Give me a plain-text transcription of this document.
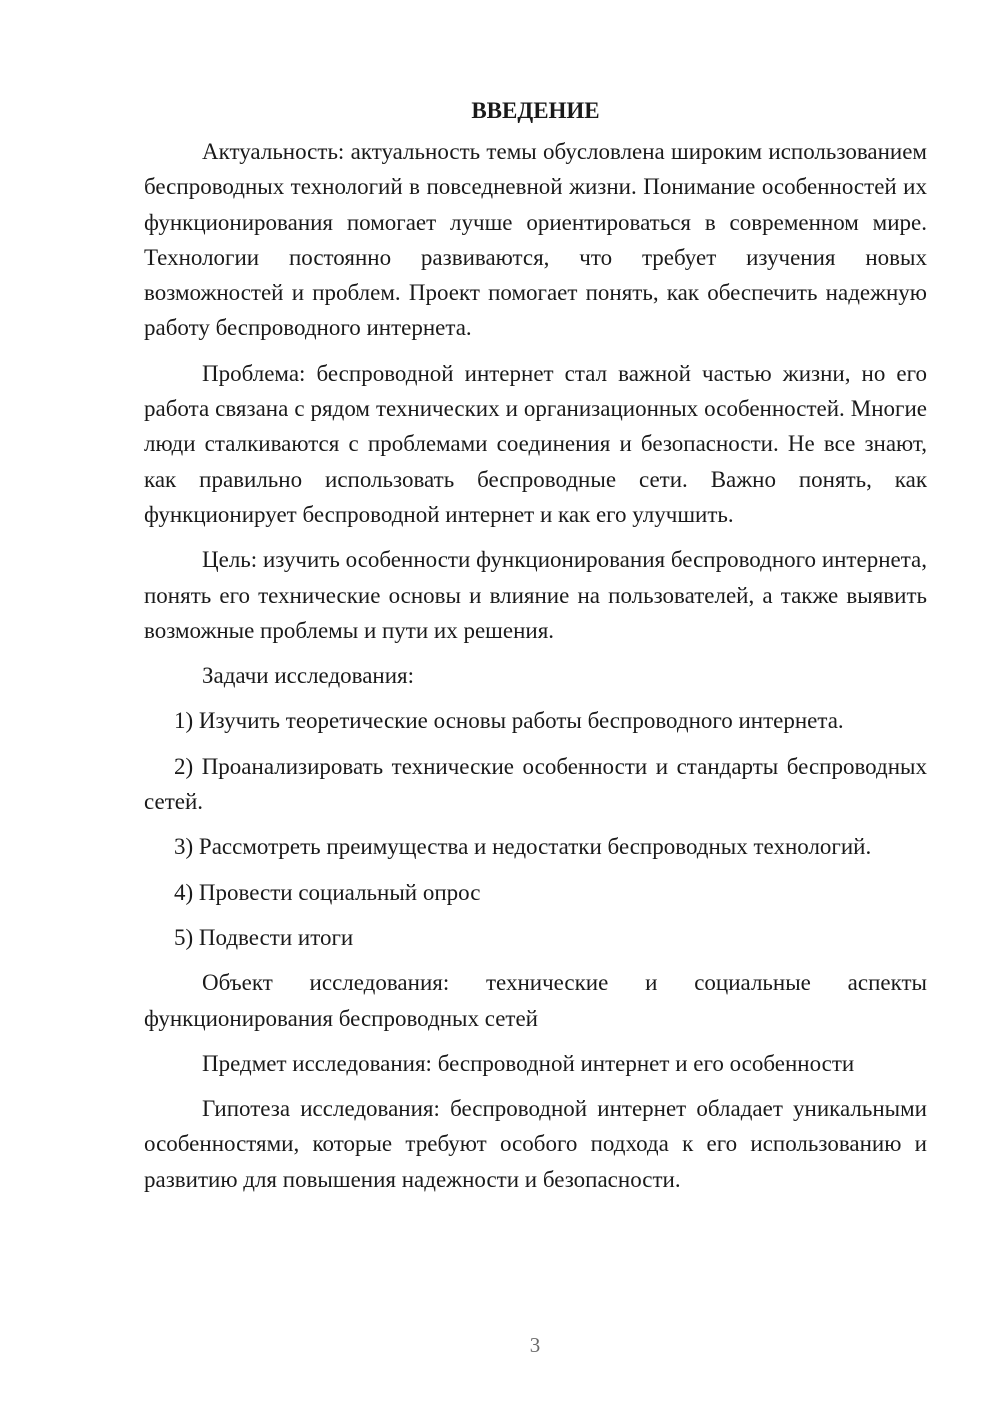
ВВЕДЕНИЕ
Актуальность: актуальность темы обусловлена широким использованием беспроводных технологий в повседневной жизни. Понимание особенностей их функционирования помогает лучше ориентироваться в современном мире. Технологии постоянно развиваются, что требует изучения новых возможностей и проблем. Проект помогает понять, как обеспечить надежную работу беспроводного интернета.
Проблема: беспроводной интернет стал важной частью жизни, но его работа связана с рядом технических и организационных особенностей. Многие люди сталкиваются с проблемами соединения и безопасности. Не все знают, как правильно использовать беспроводные сети. Важно понять, как функционирует беспроводной интернет и как его улучшить.
Цель: изучить особенности функционирования беспроводного интернета, понять его технические основы и влияние на пользователей, а также выявить возможные проблемы и пути их решения.
Задачи исследования:
1) Изучить теоретические основы работы беспроводного интернета.
2) Проанализировать технические особенности и стандарты беспроводных сетей.
3) Рассмотреть преимущества и недостатки беспроводных технологий.
4) Провести социальный опрос
5) Подвести итоги
Объект исследования: технические и социальные аспекты функционирования беспроводных сетей
Предмет исследования: беспроводной интернет и его особенности
Гипотеза исследования: беспроводной интернет обладает уникальными особенностями, которые требуют особого подхода к его использованию и развитию для повышения надежности и безопасности.
3
